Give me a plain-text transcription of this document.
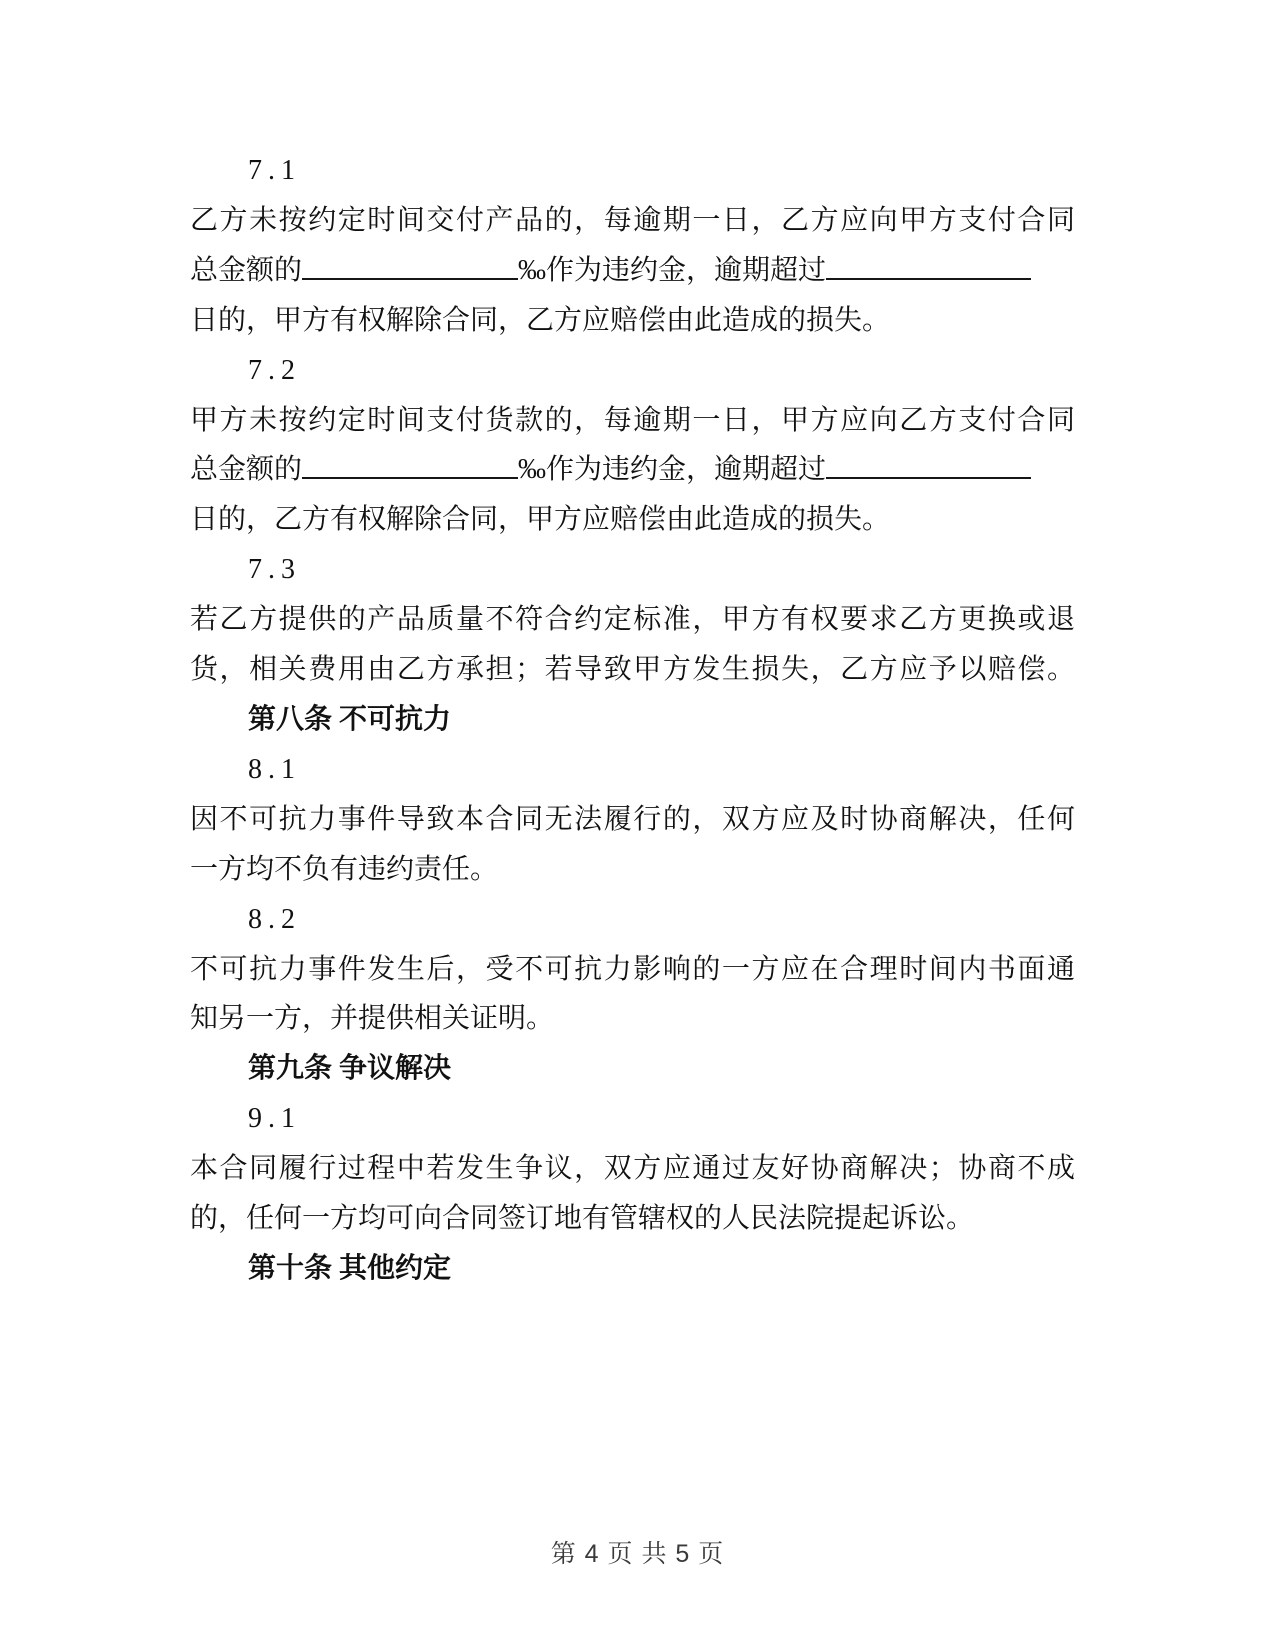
7.1
乙方未按约定时间交付产品的，每逾期一日，乙方应向甲方支付合同
总金额的	‰作为违约金，逾期超过
日的，甲方有权解除合同，乙方应赔偿由此造成的损失。
7.2
甲方未按约定时间支付货款的，每逾期一日，甲方应向乙方支付合同
总金额的	‰作为违约金，逾期超过
日的，乙方有权解除合同，甲方应赔偿由此造成的损失。
7.3
若乙方提供的产品质量不符合约定标准，甲方有权要求乙方更换或退
货，相关费用由乙方承担；若导致甲方发生损失，乙方应予以赔偿。
第八条 不可抗力
8.1
因不可抗力事件导致本合同无法履行的，双方应及时协商解决，任何
一方均不负有违约责任。
8.2
不可抗力事件发生后，受不可抗力影响的一方应在合理时间内书面通
知另一方，并提供相关证明。
第九条 争议解决
9.1
本合同履行过程中若发生争议，双方应通过友好协商解决；协商不成
的，任何一方均可向合同签订地有管辖权的人民法院提起诉讼。
第十条 其他约定
第 4 页 共 5 页
